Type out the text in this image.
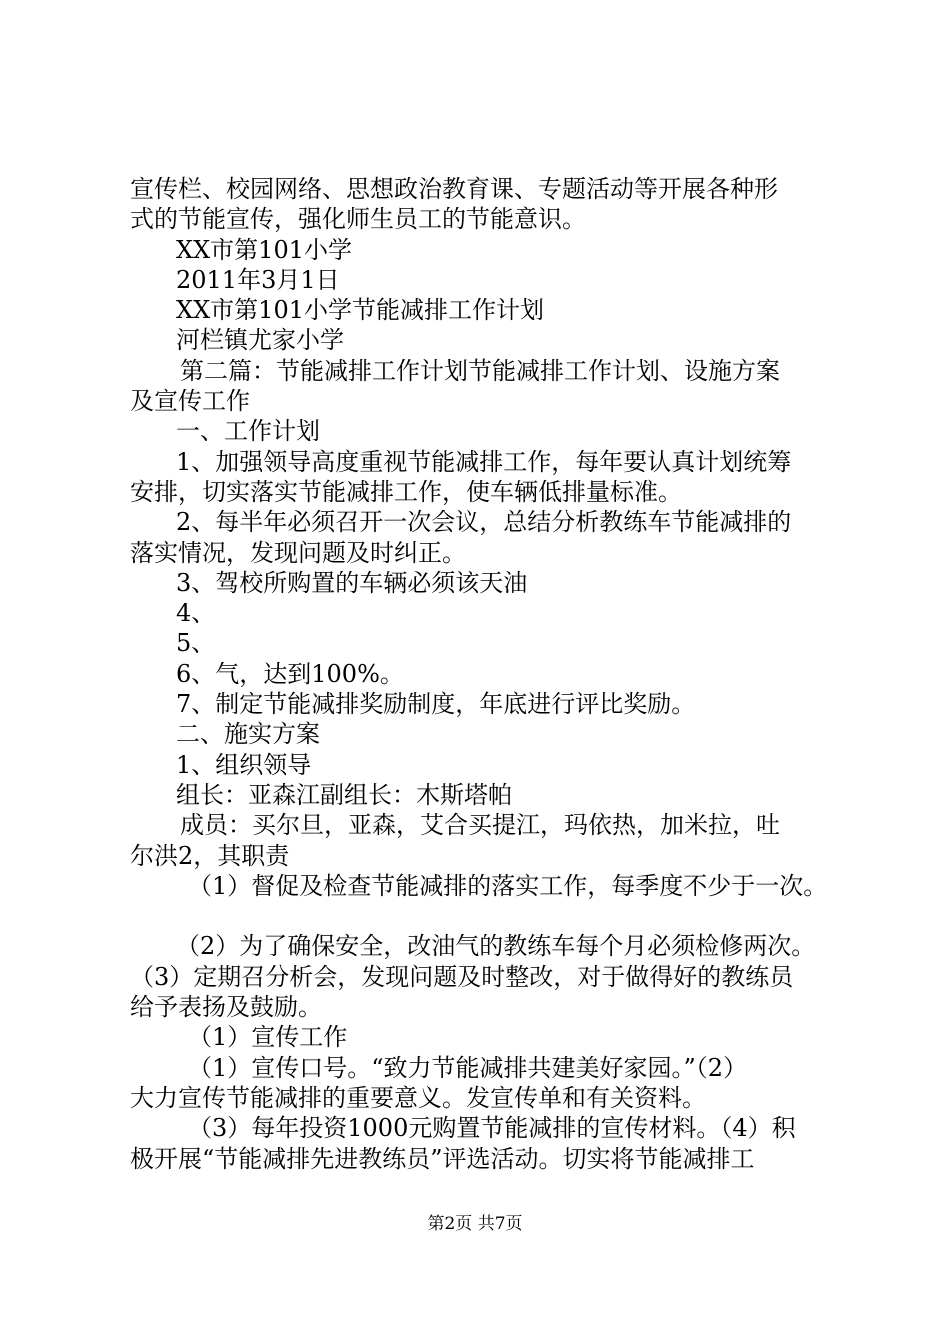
宣传栏、校园网络、思想政治教育课、专题活动等开展各种形
式的节能宣传，强化师生员工的节能意识。
XX市第101小学
2011年3月1日
XX市第101小学节能减排工作计划
河栏镇尤家小学
第二篇：节能减排工作计划节能减排工作计划、设施方案
及宣传工作
一、工作计划
1、加强领导高度重视节能减排工作，每年要认真计划统筹
安排，切实落实节能减排工作，使车辆低排量标准。
2、每半年必须召开一次会议，总结分析教练车节能减排的
落实情况，发现问题及时纠正。
3、驾校所购置的车辆必须该天油
4、
5、
6、气，达到100%。
7、制定节能减排奖励制度，年底进行评比奖励。
二、施实方案
1、组织领导
组长：亚森江副组长：木斯塔帕
成员：买尔旦，亚森，艾合买提江，玛依热，加米拉，吐
尔洪2，其职责
（1）督促及检查节能减排的落实工作，每季度不少于一次。
（2）为了确保安全，改油气的教练车每个月必须检修两次。
（3）定期召分析会，发现问题及时整改，对于做得好的教练员
给予表扬及鼓励。
（1）宣传工作
（1）宣传口号。“致力节能减排共建美好家园。”（2）
大力宣传节能减排的重要意义。发宣传单和有关资料。
（3）每年投资1000元购置节能减排的宣传材料。（4）积
极开展“节能减排先进教练员”评选活动。切实将节能减排工
第2页 共7页
